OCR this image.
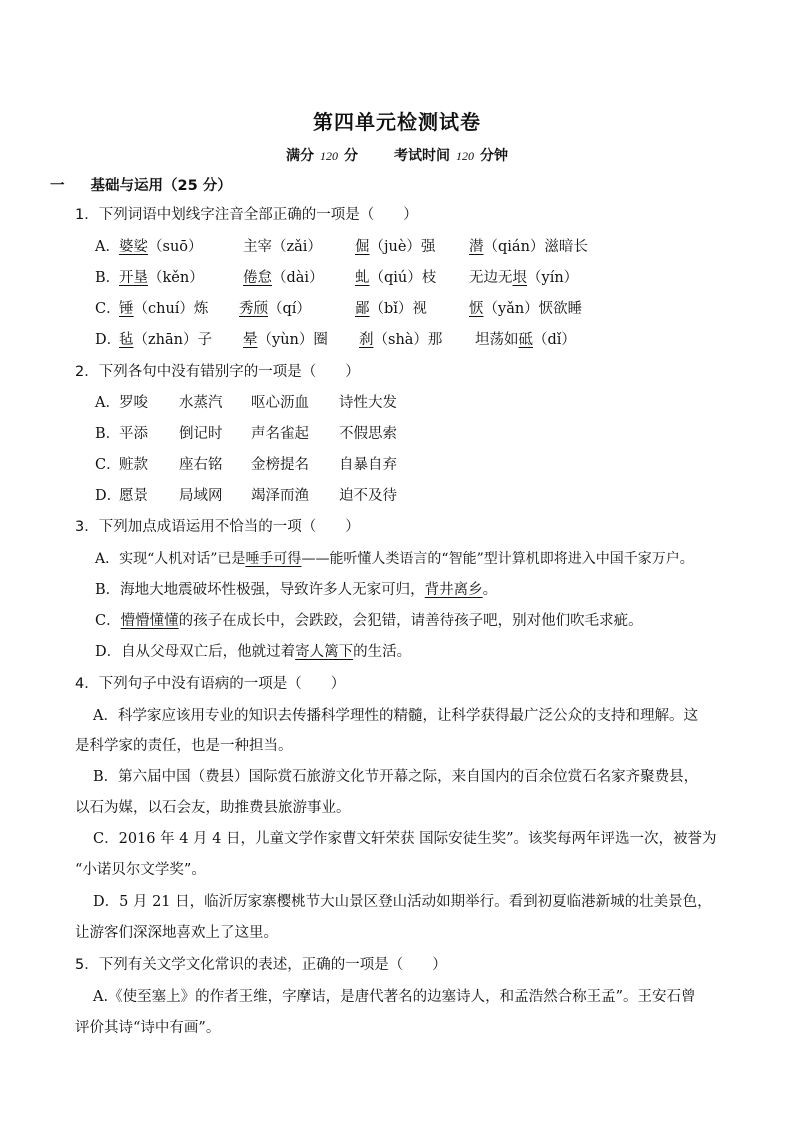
第四单元检测试卷
满分 120 分	考试时间 120 分钟
一 基础与运用（25 分）
1．下列词语中划线字注音全部正确的一项是（　　）
A． 婆娑（suō）	主宰（zǎi） 倔（juè）强 潜（qián）滋暗长
B．
开垦（kěn）	倦怠（dài） 虬（qiú）枝 无边无垠（yín）
C．
锤（chuí）炼 秀颀（qí）	鄙（bǐ）视	恹（yǎn）恹欲睡
D．
毡（zhān）子 晕（yùn）圈 刹（shà）那 坦荡如砥（dǐ）
2．下列各句中没有错别字的一项是（　　）
A． 罗唆 水蒸汽 呕心沥血 诗性大发
B．
平添 倒记时 声名雀起 不假思索
C．
赃款 座右铭 金榜提名 自暴自弃
D．
愿景 局域网 竭泽而渔 迫不及待
3．下列加点成语运用不恰当的一项（　　）
A．实现“人机对话”已是唾手可得——能听懂人类语言的“智能”型计算机即将进入中国千家万户。
B．海地大地震破坏性极强，导致许多人无家可归，背井离乡。
C．懵懵懂懂的孩子在成长中，会跌跤，会犯错，请善待孩子吧，别对他们吹毛求疵。
D．自从父母双亡后，他就过着寄人篱下的生活。
4．下列句子中没有语病的一项是（　　）
A．科学家应该用专业的知识去传播科学理性的精髓，让科学获得最广泛公众的支持和理解。这
是科学家的责任，也是一种担当。
B．第六届中国（费县）国际赏石旅游文化节开幕之际，来自国内的百余位赏石名家齐聚费县，
以石为媒，以石会友，助推费县旅游事业。
C．2016 年 4 月 4 日，儿童文学作家曹文轩荣获 国际安徒生奖”。该奖每两年评选一次，被誉为
“小诺贝尔文学奖”。
D．5 月 21 日，临沂厉家寨樱桃节大山景区登山活动如期举行。看到初夏临港新城的壮美景色，
让游客们深深地喜欢上了这里。
5．下列有关文学文化常识的表述，正确的一项是（　　）
A.《使至塞上》的作者王维，字摩诘，是唐代著名的边塞诗人，和孟浩然合称王孟”。王安石曾
评价其诗“诗中有画”。
